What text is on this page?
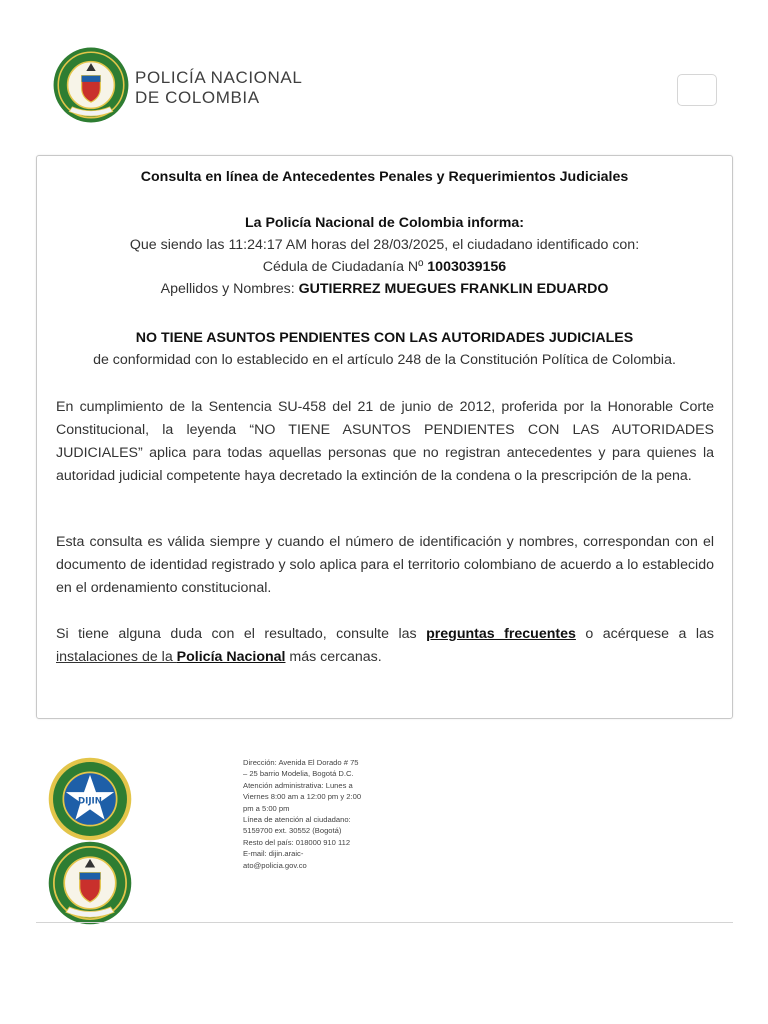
POLICÍA NACIONAL
DE COLOMBIA
Consulta en línea de Antecedentes Penales y Requerimientos Judiciales
La Policía Nacional de Colombia informa:
Que siendo las 11:24:17 AM horas del 28/03/2025, el ciudadano identificado con:
Cédula de Ciudadanía Nº 1003039156
Apellidos y Nombres: GUTIERREZ MUEGUES FRANKLIN EDUARDO
NO TIENE ASUNTOS PENDIENTES CON LAS AUTORIDADES JUDICIALES
de conformidad con lo establecido en el artículo 248 de la Constitución Política de Colombia.

En cumplimiento de la Sentencia SU-458 del 21 de junio de 2012, proferida por la Honorable Corte Constitucional, la leyenda “NO TIENE ASUNTOS PENDIENTES CON LAS AUTORIDADES JUDICIALES” aplica para todas aquellas personas que no registran antecedentes y para quienes la autoridad judicial competente haya decretado la extinción de la condena o la prescripción de la pena.

Esta consulta es válida siempre y cuando el número de identificación y nombres, correspondan con el documento de identidad registrado y solo aplica para el territorio colombiano de acuerdo a lo establecido en el ordenamiento constitucional.

Si tiene alguna duda con el resultado, consulte las preguntas frecuentes o acérquese a las instalaciones de la Policía Nacional más cercanas.

DIJIN
Dirección: Avenida El Dorado # 75
– 25 barrio Modelia, Bogotá D.C.
Atención administrativa: Lunes a
Viernes 8:00 am a 12:00 pm y 2:00
pm a 5:00 pm
Línea de atención al ciudadano:
5159700 ext. 30552 (Bogotá)
Resto del país: 018000 910 112
E-mail: dijin.araic-
ato@policia.gov.co
